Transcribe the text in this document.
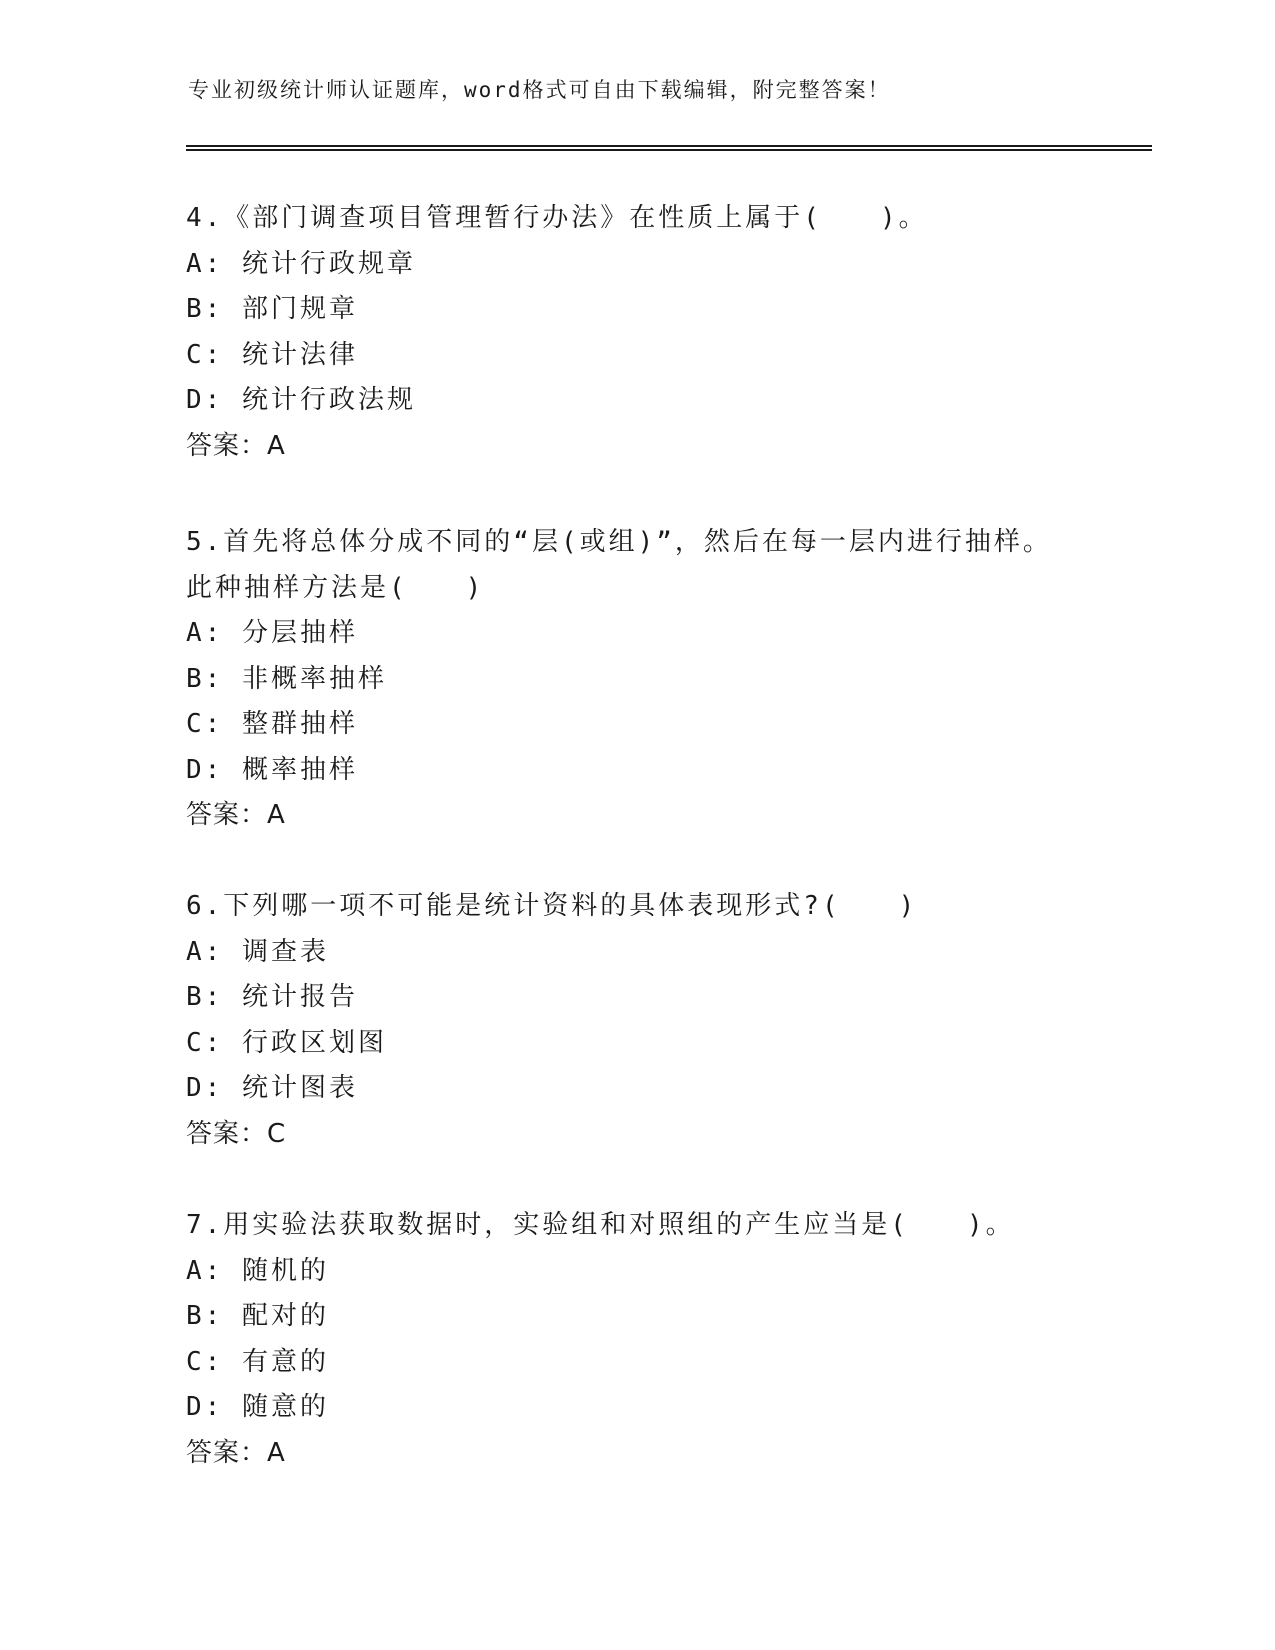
专业初级统计师认证题库，word格式可自由下载编辑，附完整答案！
4.《部门调查项目管理暂行办法》在性质上属于(　　)。
A: 统计行政规章
B: 部门规章
C: 统计法律
D: 统计行政法规
答案：A
5.首先将总体分成不同的“层(或组)”，然后在每一层内进行抽样。
此种抽样方法是(　　)
A: 分层抽样
B: 非概率抽样
C: 整群抽样
D: 概率抽样
答案：A
6.下列哪一项不可能是统计资料的具体表现形式?(　　)
A: 调查表
B: 统计报告
C: 行政区划图
D: 统计图表
答案：C
7.用实验法获取数据时，实验组和对照组的产生应当是(　　)。
A: 随机的
B: 配对的
C: 有意的
D: 随意的
答案：A
